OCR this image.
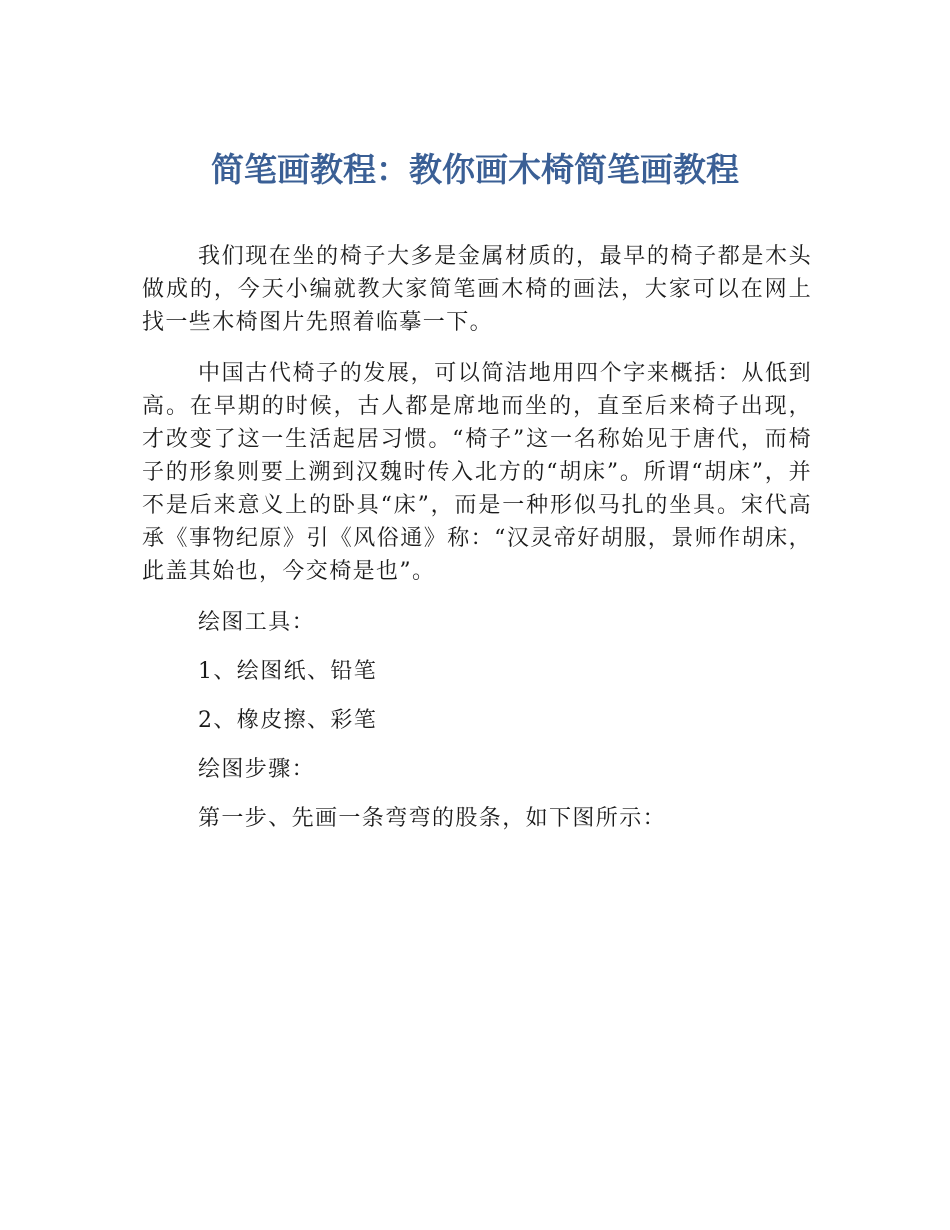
简笔画教程：教你画木椅简笔画教程

我们现在坐的椅子大多是金属材质的，最早的椅子都是木头做成的，今天小编就教大家简笔画木椅的画法，大家可以在网上找一些木椅图片先照着临摹一下。

中国古代椅子的发展，可以简洁地用四个字来概括：从低到高。在早期的时候，古人都是席地而坐的，直至后来椅子出现，才改变了这一生活起居习惯。“椅子”这一名称始见于唐代，而椅子的形象则要上溯到汉魏时传入北方的“胡床”。所谓“胡床”，并不是后来意义上的卧具“床”，而是一种形似马扎的坐具。宋代高承《事物纪原》引《风俗通》称：“汉灵帝好胡服，景师作胡床，此盖其始也，今交椅是也”。

绘图工具：

1、绘图纸、铅笔

2、橡皮擦、彩笔

绘图步骤：

第一步、先画一条弯弯的股条，如下图所示：
